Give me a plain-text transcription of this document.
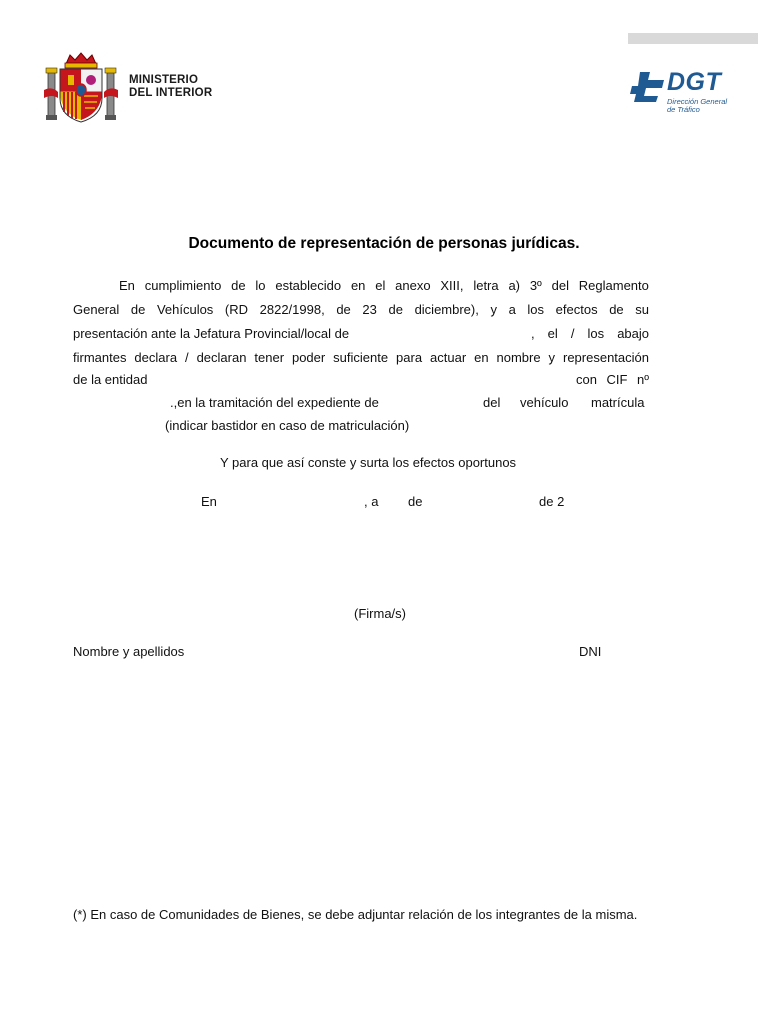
MINISTERIO
DEL INTERIOR	DGT
Dirección General
de Tráfico
Documento de representación de personas jurídicas.
En cumplimiento de lo establecido en el anexo XIII, letra a) 3º del Reglamento
General de Vehículos (RD 2822/1998, de 23 de diciembre), y a los efectos de su
presentación ante la Jefatura Provincial/local de	, el / los abajo
firmantes declara / declaran tener poder suficiente para actuar en nombre y representación
de la entidad	con CIF nº
.,en la tramitación del expediente de	del vehículo matrícula
(indicar bastidor en caso de matriculación)
Y para que así conste y surta los efectos oportunos
En	, a de	de 2
(Firma/s)
Nombre y apellidos	DNI
(*) En caso de Comunidades de Bienes, se debe adjuntar relación de los integrantes de la misma.
